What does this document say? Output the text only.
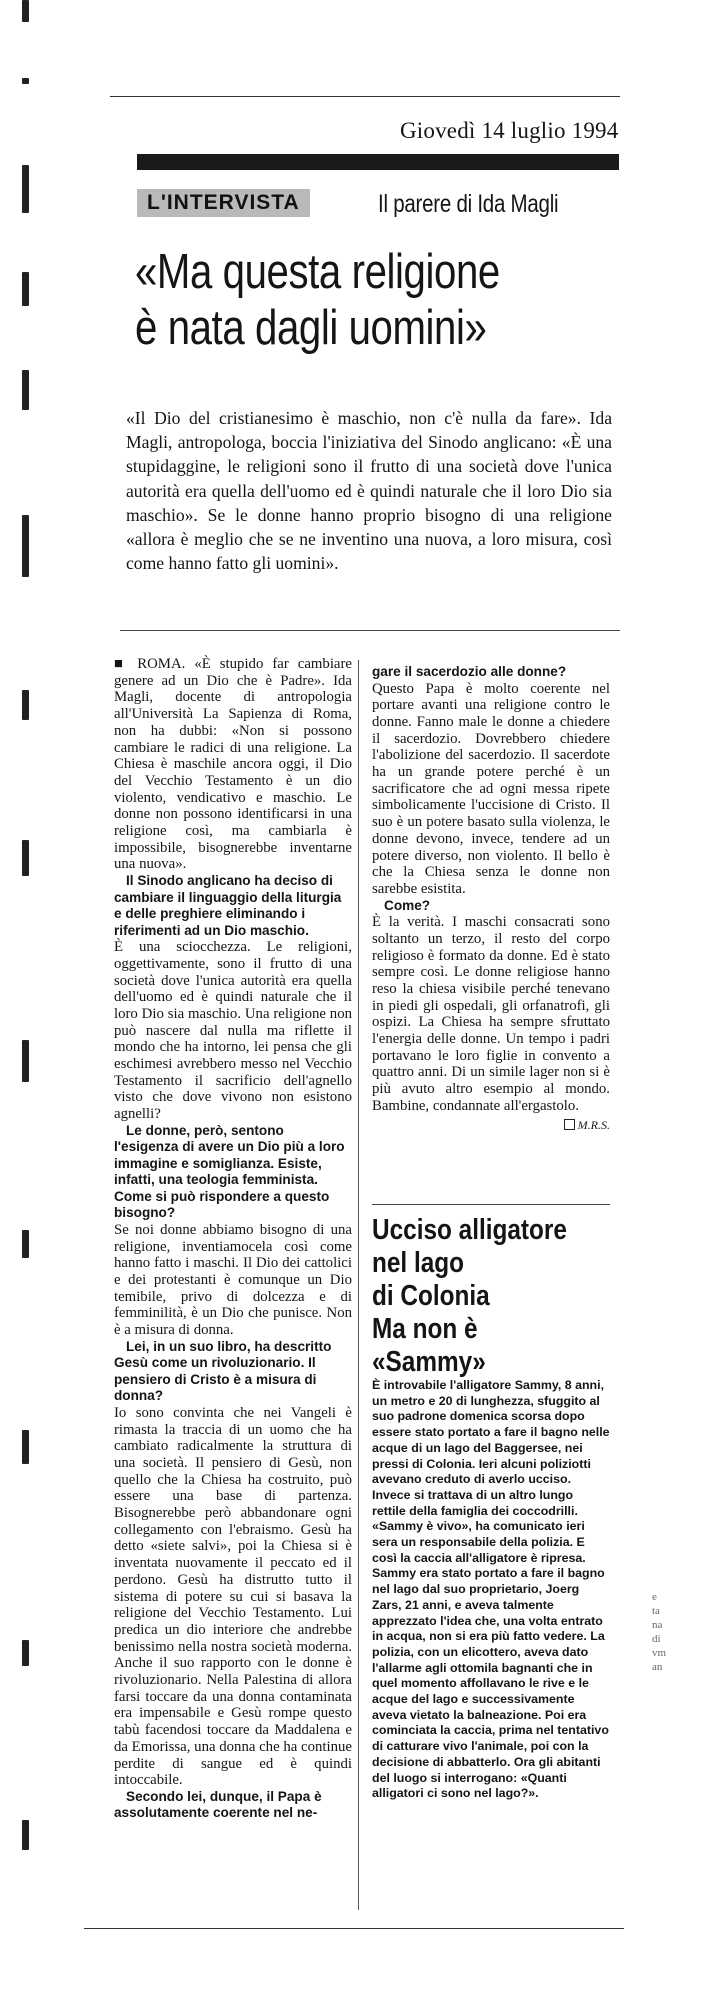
Giovedì 14 luglio 1994
L'INTERVISTA	Il parere di Ida Magli
«Ma questa religione
è nata dagli uomini»
«Il Dio del cristianesimo è maschio, non c'è nulla da fare». Ida Magli, antropologa, boccia l'iniziativa del Sinodo anglicano: «È una stupidaggine, le religioni sono il frutto di una società dove l'unica autorità era quella dell'uomo ed è quindi naturale che il loro Dio sia maschio». Se le donne hanno proprio bisogno di una religione «allora è meglio che se ne inventino una nuova, a loro misura, così come hanno fatto gli uomini».

■ ROMA. «È stupido far cambiare genere ad un Dio che è Padre». Ida Magli, docente di antropologia all'Università La Sapienza di Roma, non ha dubbi: «Non si possono cambiare le radici di una religione. La Chiesa è maschile ancora oggi, il Dio del Vecchio Testamento è un dio violento, vendicativo e maschio. Le donne non possono identificarsi in una religione così, ma cambiarla è impossibile, bisognerebbe inventarne una nuova».

Il Sinodo anglicano ha deciso di cambiare il linguaggio della liturgia e delle preghiere eliminando i riferimenti ad un Dio maschio.

È una sciocchezza. Le religioni, oggettivamente, sono il frutto di una società dove l'unica autorità era quella dell'uomo ed è quindi naturale che il loro Dio sia maschio. Una religione non può nascere dal nulla ma riflette il mondo che ha intorno, lei pensa che gli eschimesi avrebbero messo nel Vecchio Testamento il sacrificio dell'agnello visto che dove vivono non esistono agnelli?

Le donne, però, sentono l'esigenza di avere un Dio più a loro immagine e somiglianza. Esiste, infatti, una teologia femminista. Come si può rispondere a questo bisogno?

Se noi donne abbiamo bisogno di una religione, inventiamocela così come hanno fatto i maschi. Il Dio dei cattolici e dei protestanti è comunque un Dio temibile, privo di dolcezza e di femminilità, è un Dio che punisce. Non è a misura di donna.

Lei, in un suo libro, ha descritto Gesù come un rivoluzionario. Il pensiero di Cristo è a misura di donna?

Io sono convinta che nei Vangeli è rimasta la traccia di un uomo che ha cambiato radicalmente la struttura di una società. Il pensiero di Gesù, non quello che la Chiesa ha costruito, può essere una base di partenza. Bisognerebbe però abbandonare ogni collegamento con l'ebraismo. Gesù ha detto «siete salvi», poi la Chiesa si è inventata nuovamente il peccato ed il perdono. Gesù ha distrutto tutto il sistema di potere su cui si basava la religione del Vecchio Testamento. Lui predica un dio interiore che andrebbe benissimo nella nostra società moderna. Anche il suo rapporto con le donne è rivoluzionario. Nella Palestina di allora farsi toccare da una donna contaminata era impensabile e Gesù rompe questo tabù facendosi toccare da Maddalena e da Emorissa, una donna che ha continue perdite di sangue ed è quindi intoccabile.

Secondo lei, dunque, il Papa è assolutamente coerente nel ne-

gare il sacerdozio alle donne?

Questo Papa è molto coerente nel portare avanti una religione contro le donne. Fanno male le donne a chiedere il sacerdozio. Dovrebbero chiedere l'abolizione del sacerdozio. Il sacerdote ha un grande potere perché è un sacrificatore che ad ogni messa ripete simbolicamente l'uccisione di Cristo. Il suo è un potere basato sulla violenza, le donne devono, invece, tendere ad un potere diverso, non violento. Il bello è che la Chiesa senza le donne non sarebbe esistita.

Come?

È la verità. I maschi consacrati sono soltanto un terzo, il resto del corpo religioso è formato da donne. Ed è stato sempre così. Le donne religiose hanno reso la chiesa visibile perché tenevano in piedi gli ospedali, gli orfanatrofi, gli ospizi. La Chiesa ha sempre sfruttato l'energia delle donne. Un tempo i padri portavano le loro figlie in convento a quattro anni. Di un simile lager non si è più avuto altro esempio al mondo. Bambine, condannate all'ergastolo.

M.R.S.
Ucciso alligatore
nel lago
di Colonia
Ma non è «Sammy»
È introvabile l'alligatore Sammy, 8 anni, un metro e 20 di lunghezza, sfuggito al suo padrone domenica scorsa dopo essere stato portato a fare il bagno nelle acque di un lago del Baggersee, nei pressi di Colonia. Ieri alcuni poliziotti avevano creduto di averlo ucciso. Invece si trattava di un altro lungo rettile della famiglia dei coccodrilli. «Sammy è vivo», ha comunicato ieri sera un responsabile della polizia. E così la caccia all'alligatore è ripresa. Sammy era stato portato a fare il bagno nel lago dal suo proprietario, Joerg Zars, 21 anni, e aveva talmente apprezzato l'idea che, una volta entrato in acqua, non si era più fatto vedere. La polizia, con un elicottero, aveva dato l'allarme agli ottomila bagnanti che in quel momento affollavano le rive e le acque del lago e successivamente aveva vietato la balneazione. Poi era cominciata la caccia, prima nel tentativo di catturare vivo l'animale, poi con la decisione di abbatterlo. Ora gli abitanti del luogo si interrogano: «Quanti alligatori ci sono nel lago?».
e
ta
na
di
vm
an
